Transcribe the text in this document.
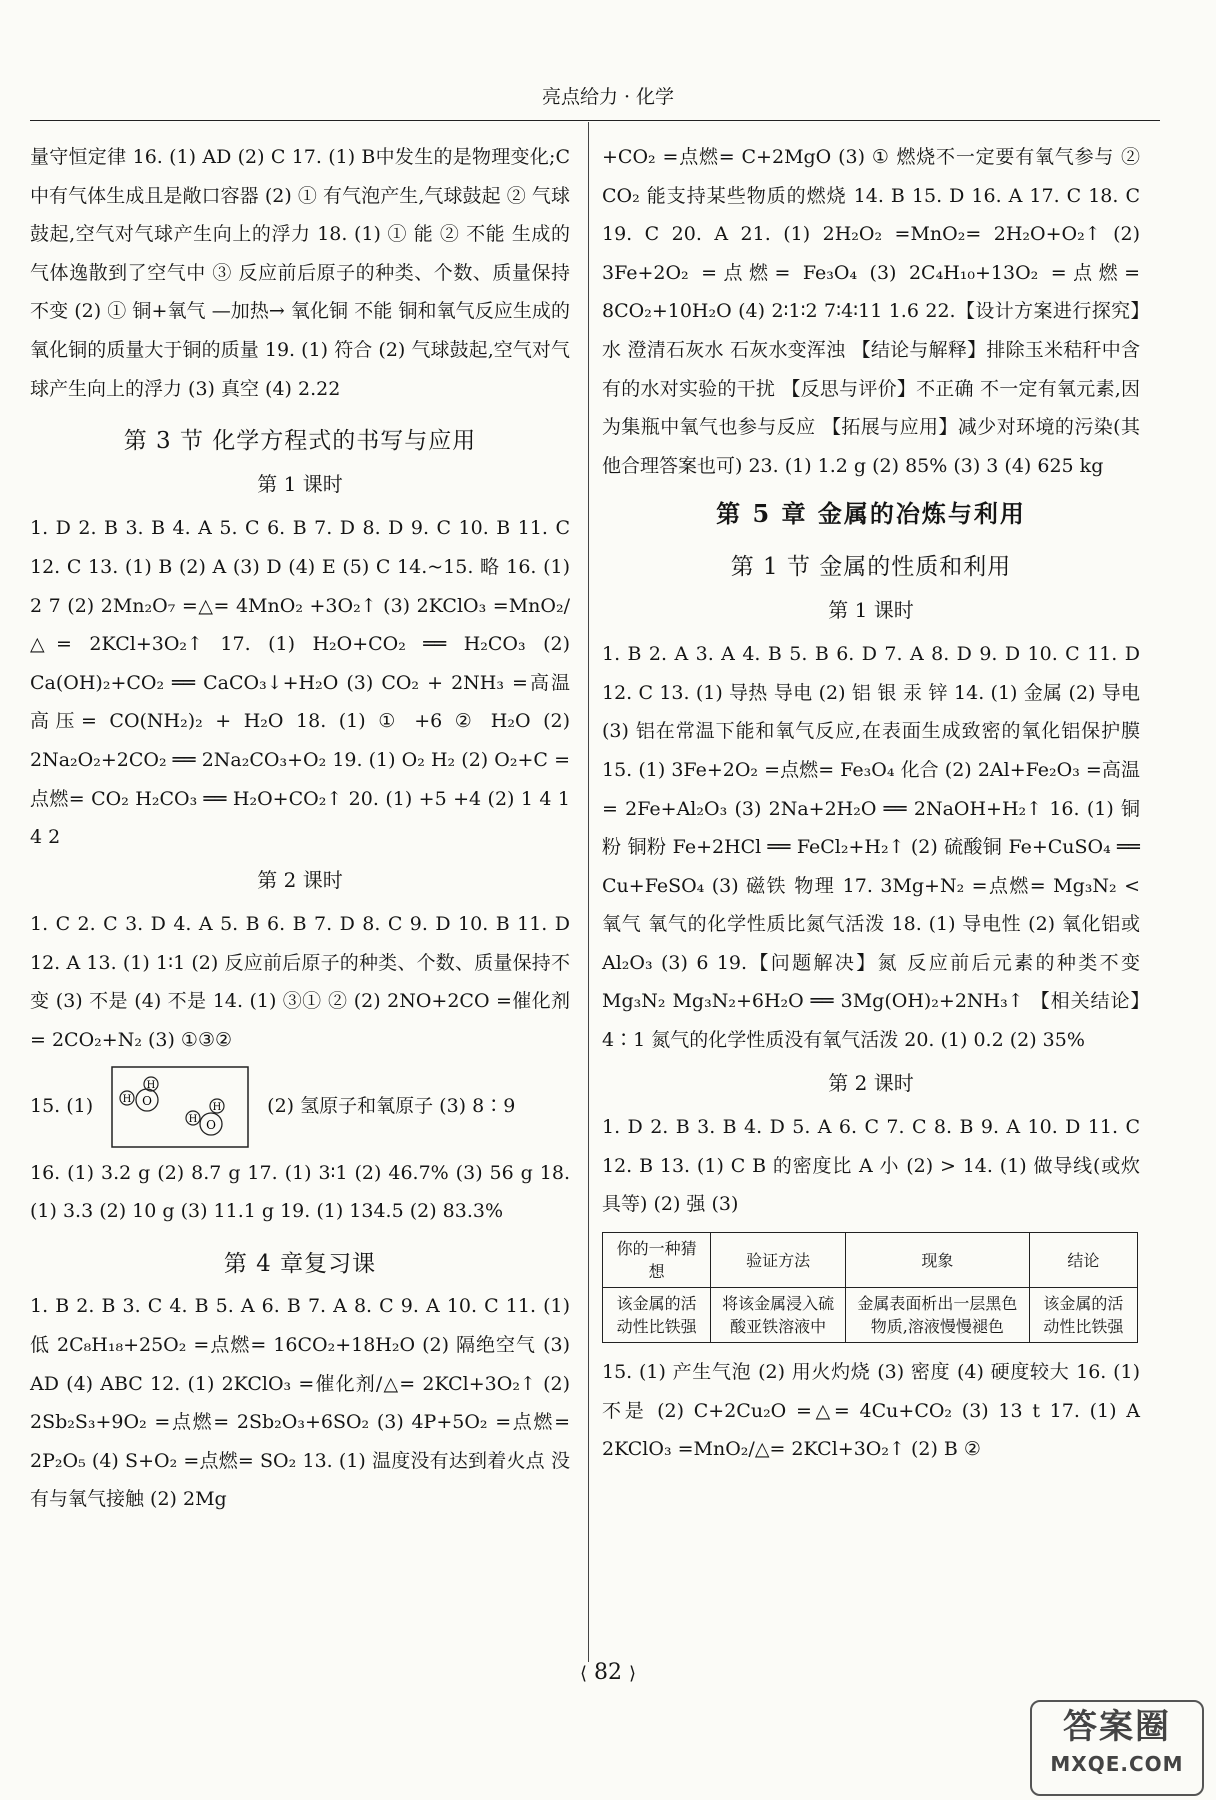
亮点给力 · 化学

量守恒定律 16. (1) AD (2) C 17. (1) B中发生的是物理变化;C中有气体生成且是敞口容器 (2) ① 有气泡产生,气球鼓起 ② 气球鼓起,空气对气球产生向上的浮力 18. (1) ① 能 ② 不能 生成的气体逸散到了空气中 ③ 反应前后原子的种类、个数、质量保持不变 (2) ① 铜+氧气 —加热→ 氧化铜 不能 铜和氧气反应生成的氧化铜的质量大于铜的质量 19. (1) 符合 (2) 气球鼓起,空气对气球产生向上的浮力 (3) 真空 (4) 2.22

第 3 节 化学方程式的书写与应用
第 1 课时

1. D 2. B 3. B 4. A 5. C 6. B 7. D 8. D 9. C 10. B 11. C 12. C 13. (1) B (2) A (3) D (4) E (5) C 14.~15. 略 16. (1) 2 7 (2) 2Mn₂O₇ =△= 4MnO₂ +3O₂↑ (3) 2KClO₃ =MnO₂/△= 2KCl+3O₂↑ 17. (1) H₂O+CO₂ ══ H₂CO₃ (2) Ca(OH)₂+CO₂ ══ CaCO₃↓+H₂O (3) CO₂ + 2NH₃ =高温高压= CO(NH₂)₂ + H₂O 18. (1) ① +6 ② H₂O (2) 2Na₂O₂+2CO₂ ══ 2Na₂CO₃+O₂ 19. (1) O₂ H₂ (2) O₂+C =点燃= CO₂ H₂CO₃ ══ H₂O+CO₂↑ 20. (1) +5 +4 (2) 1 4 1 4 2

第 2 课时

1. C 2. C 3. D 4. A 5. B 6. B 7. D 8. C 9. D 10. B 11. D 12. A 13. (1) 1∶1 (2) 反应前后原子的种类、个数、质量保持不变 (3) 不是 (4) 不是 14. (1) ③① ② (2) 2NO+2CO =催化剂= 2CO₂+N₂ (3) ①③②

15. (1)	O
H
H
O
H
H (2) 氢原子和氧原子 (3) 8∶9

16. (1) 3.2 g (2) 8.7 g 17. (1) 3∶1 (2) 46.7% (3) 56 g 18. (1) 3.3 (2) 10 g (3) 11.1 g 19. (1) 134.5 (2) 83.3%

第 4 章复习课

1. B 2. B 3. C 4. B 5. A 6. B 7. A 8. C 9. A 10. C 11. (1) 低 2C₈H₁₈+25O₂ =点燃= 16CO₂+18H₂O (2) 隔绝空气 (3) AD (4) ABC 12. (1) 2KClO₃ =催化剂/△= 2KCl+3O₂↑ (2) 2Sb₂S₃+9O₂ =点燃= 2Sb₂O₃+6SO₂ (3) 4P+5O₂ =点燃= 2P₂O₅ (4) S+O₂ =点燃= SO₂ 13. (1) 温度没有达到着火点 没有与氧气接触 (2) 2Mg

+CO₂ =点燃= C+2MgO (3) ① 燃烧不一定要有氧气参与 ② CO₂ 能支持某些物质的燃烧 14. B 15. D 16. A 17. C 18. C 19. C 20. A 21. (1) 2H₂O₂ =MnO₂= 2H₂O+O₂↑ (2) 3Fe+2O₂ =点燃= Fe₃O₄ (3) 2C₄H₁₀+13O₂ =点燃= 8CO₂+10H₂O (4) 2∶1∶2 7∶4∶11 1.6 22.【设计方案进行探究】水 澄清石灰水 石灰水变浑浊 【结论与解释】排除玉米秸秆中含有的水对实验的干扰 【反思与评价】不正确 不一定有氧元素,因为集瓶中氧气也参与反应 【拓展与应用】减少对环境的污染(其他合理答案也可) 23. (1) 1.2 g (2) 85% (3) 3 (4) 625 kg

第 5 章 金属的冶炼与利用
第 1 节 金属的性质和利用
第 1 课时

1. B 2. A 3. A 4. B 5. B 6. D 7. A 8. D 9. D 10. C 11. D 12. C 13. (1) 导热 导电 (2) 铝 银 汞 锌 14. (1) 金属 (2) 导电 (3) 铝在常温下能和氧气反应,在表面生成致密的氧化铝保护膜 15. (1) 3Fe+2O₂ =点燃= Fe₃O₄ 化合 (2) 2Al+Fe₂O₃ =高温= 2Fe+Al₂O₃ (3) 2Na+2H₂O ══ 2NaOH+H₂↑ 16. (1) 铜粉 铜粉 Fe+2HCl ══ FeCl₂+H₂↑ (2) 硫酸铜 Fe+CuSO₄ ══ Cu+FeSO₄ (3) 磁铁 物理 17. 3Mg+N₂ =点燃= Mg₃N₂ < 氧气 氧气的化学性质比氮气活泼 18. (1) 导电性 (2) 氧化铝或 Al₂O₃ (3) 6 19.【问题解决】氮 反应前后元素的种类不变 Mg₃N₂ Mg₃N₂+6H₂O ══ 3Mg(OH)₂+2NH₃↑ 【相关结论】4∶1 氮气的化学性质没有氧气活泼 20. (1) 0.2 (2) 35%

第 2 课时

1. D 2. B 3. B 4. D 5. A 6. C 7. C 8. B 9. A 10. D 11. C 12. B 13. (1) C B 的密度比 A 小 (2) > 14. (1) 做导线(或炊具等) (2) 强 (3)

你的一种猜想	验证方法	现象	结论
该金属的活动性比铁强	将该金属浸入硫酸亚铁溶液中	金属表面析出一层黑色物质,溶液慢慢褪色	该金属的活动性比铁强

15. (1) 产生气泡 (2) 用火灼烧 (3) 密度 (4) 硬度较大 16. (1) 不是 (2) C+2Cu₂O =△= 4Cu+CO₂ (3) 13 t 17. (1) A 2KClO₃ =MnO₂/△= 2KCl+3O₂↑ (2) B ②

⟨ 82 ⟩
答案圈
MXQE.COM
